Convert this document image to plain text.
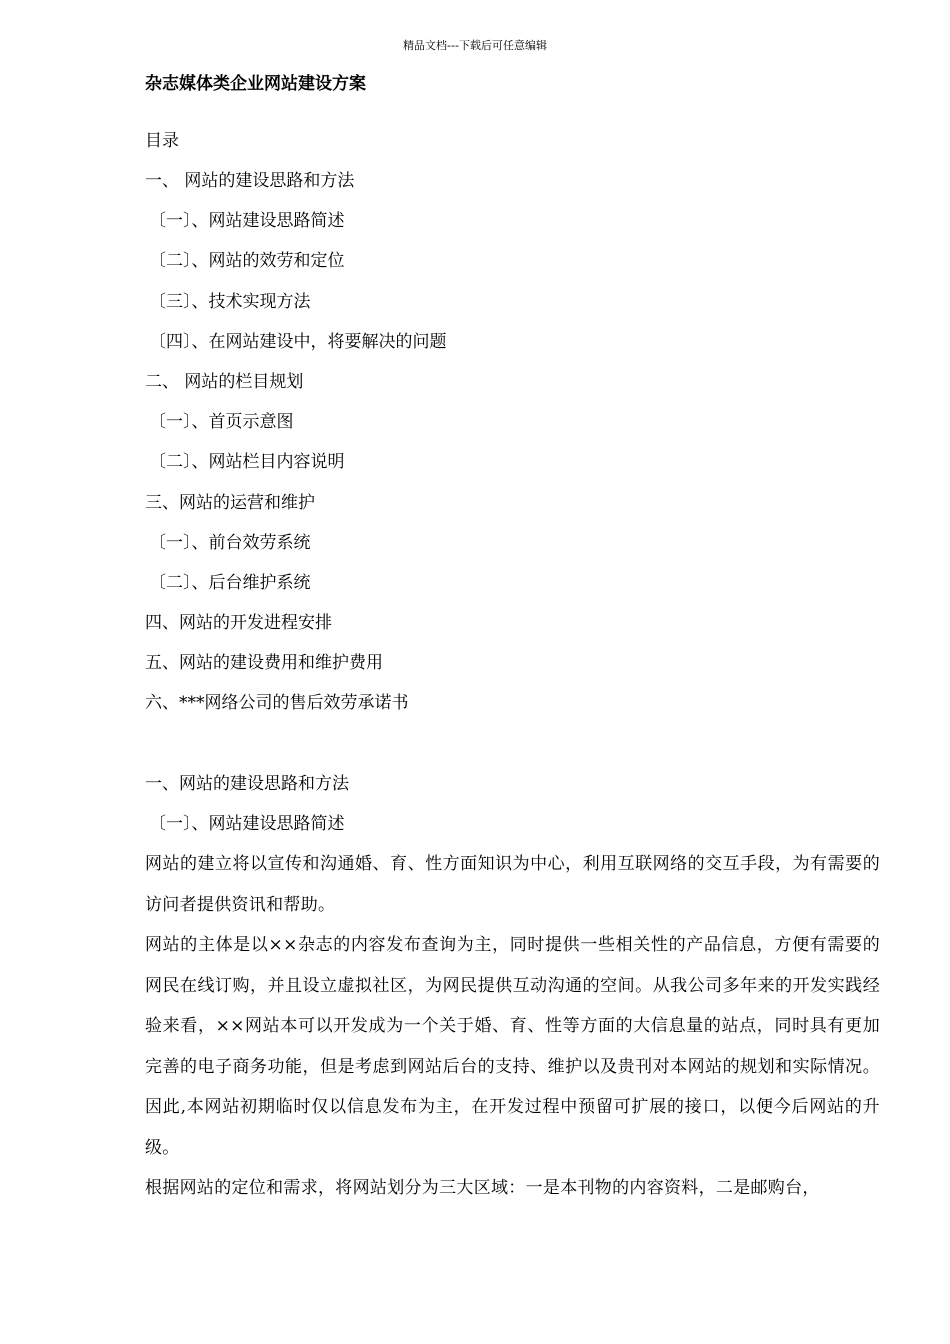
精品文档---下载后可任意编辑
杂志媒体类企业网站建设方案
目录
一、 网站的建设思路和方法
〔一〕、网站建设思路简述
〔二〕、网站的效劳和定位
〔三〕、技术实现方法
〔四〕、在网站建设中，将要解决的问题
二、 网站的栏目规划
〔一〕、首页示意图
〔二〕、网站栏目内容说明
三、网站的运营和维护
〔一〕、前台效劳系统
〔二〕、后台维护系统
四、网站的开发进程安排
五、网站的建设费用和维护费用
六、***网络公司的售后效劳承诺书
一、网站的建设思路和方法
〔一〕、网站建设思路简述

网站的建立将以宣传和沟通婚、育、性方面知识为中心，利用互联网络的交互手段，为有需要的访问者提供资讯和帮助。

网站的主体是以××杂志的内容发布查询为主，同时提供一些相关性的产品信息，方便有需要的网民在线订购，并且设立虚拟社区，为网民提供互动沟通的空间。从我公司多年来的开发实践经验来看，××网站本可以开发成为一个关于婚、育、性等方面的大信息量的站点，同时具有更加完善的电子商务功能，但是考虑到网站后台的支持、维护以及贵刊对本网站的规划和实际情况。因此,本网站初期临时仅以信息发布为主，在开发过程中预留可扩展的接口，以便今后网站的升级。

根据网站的定位和需求，将网站划分为三大区域：一是本刊物的内容资料，二是邮购台，
